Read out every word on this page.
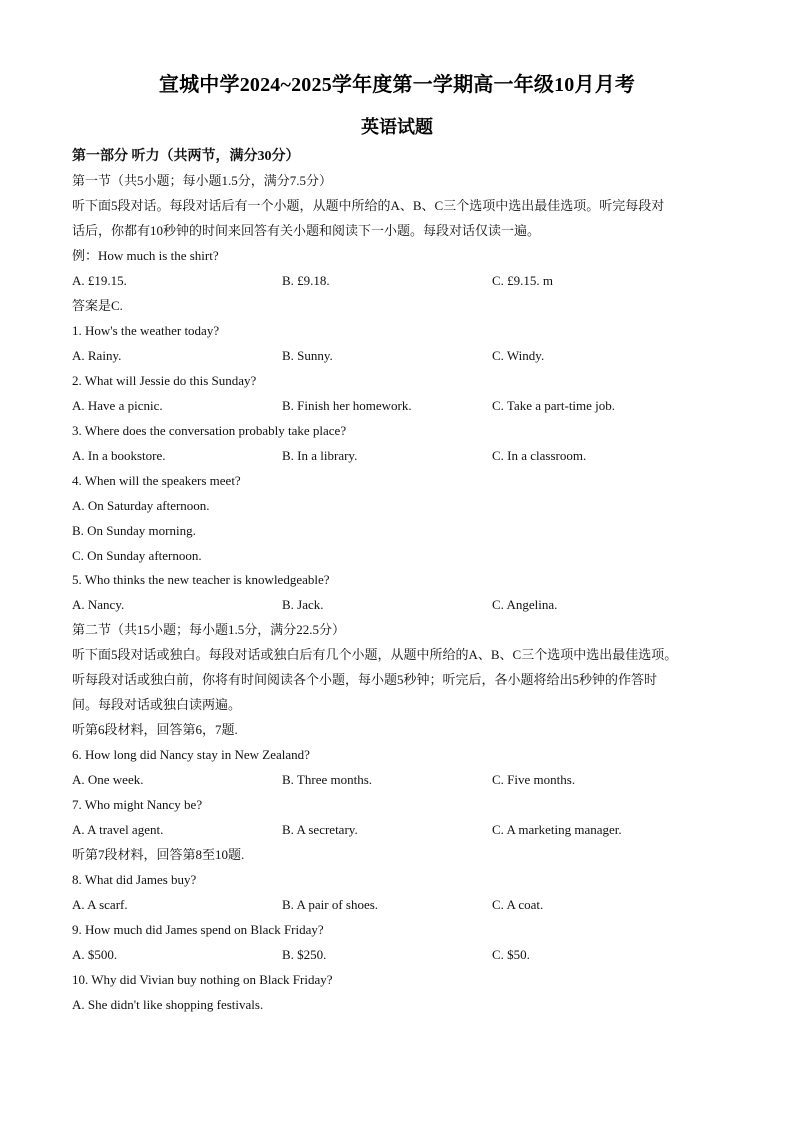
宣城中学2024~2025学年度第一学期高一年级10月月考
英语试题
第一部分 听力（共两节，满分30分）
第一节（共5小题；每小题1.5分，满分7.5分）
听下面5段对话。每段对话后有一个小题，从题中所给的A、B、C三个选项中选出最佳选项。听完每段对
话后，你都有10秒钟的时间来回答有关小题和阅读下一小题。每段对话仅读一遍。
例：How much is the shirt?
A. £19.15.	B. £9.18.	C. £9.15. m
答案是C.
1. How's the weather today?
A. Rainy.	B. Sunny.	C. Windy.
2. What will Jessie do this Sunday?
A. Have a picnic.	B. Finish her homework.	C. Take a part-time job.
3. Where does the conversation probably take place?
A. In a bookstore.	B. In a library.	C. In a classroom.
4. When will the speakers meet?
A. On Saturday afternoon.
B. On Sunday morning.
C. On Sunday afternoon.
5. Who thinks the new teacher is knowledgeable?
A. Nancy.	B. Jack.	C. Angelina.
第二节（共15小题；每小题1.5分，满分22.5分）
听下面5段对话或独白。每段对话或独白后有几个小题，从题中所给的A、B、C三个选项中选出最佳选项。
听每段对话或独白前，你将有时间阅读各个小题，每小题5秒钟；听完后，各小题将给出5秒钟的作答时
间。每段对话或独白读两遍。
听第6段材料，回答第6，7题.
6. How long did Nancy stay in New Zealand?
A. One week.	B. Three months.	C. Five months.
7. Who might Nancy be?
A. A travel agent.	B. A secretary.	C. A marketing manager.
听第7段材料，回答第8至10题.
8. What did James buy?
A. A scarf.	B. A pair of shoes.	C. A coat.
9. How much did James spend on Black Friday?
A. $500.	B. $250.	C. $50.
10. Why did Vivian buy nothing on Black Friday?
A. She didn't like shopping festivals.
